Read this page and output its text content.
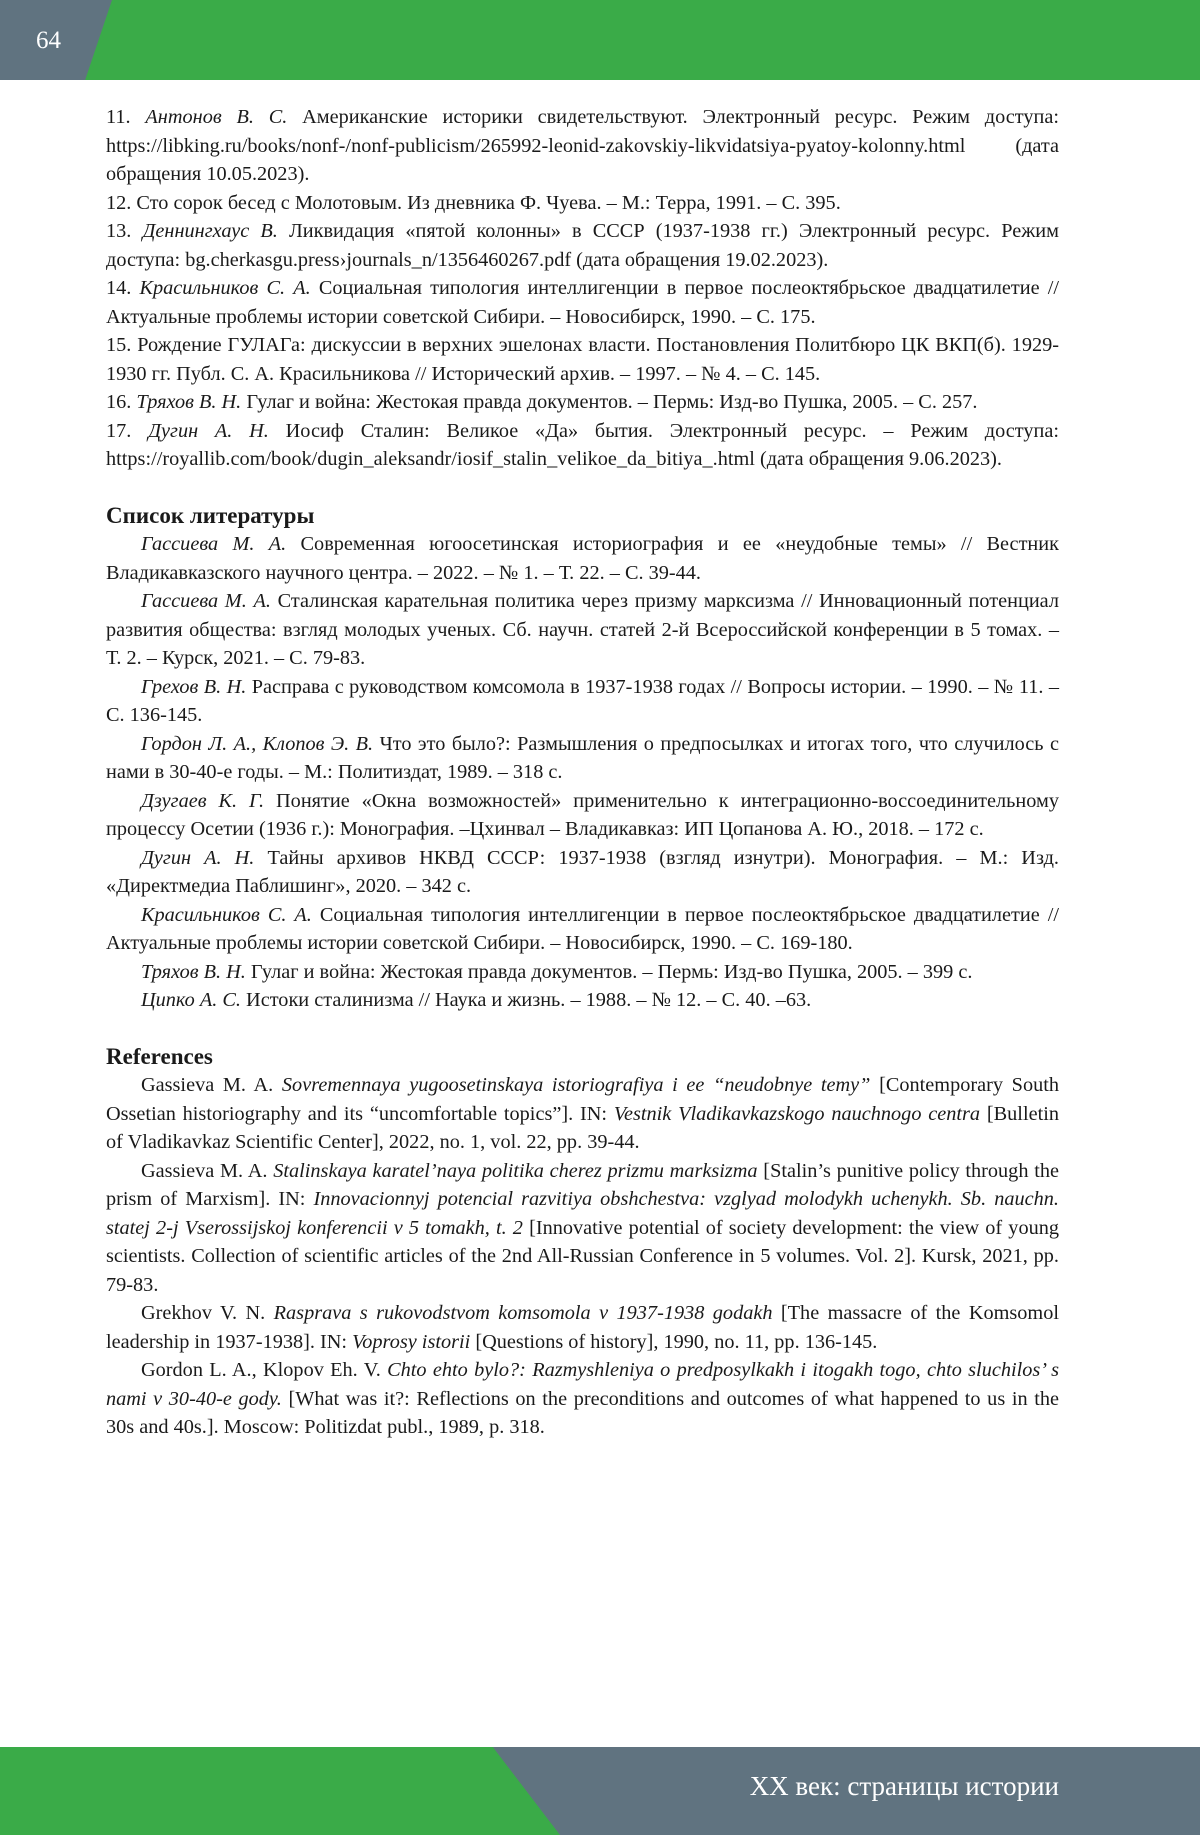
64

11. Антонов В. С. Американские историки свидетельствуют. Электронный ресурс. Режим доступа: https://libking.ru/books/nonf-/nonf-publicism/265992-leonid-zakovskiy-likvidatsiya-pyatoy-kolonny.html (дата обращения 10.05.2023).

12. Сто сорок бесед с Молотовым. Из дневника Ф. Чуева. – М.: Терра, 1991. – С. 395.

13. Деннингхаус В. Ликвидация «пятой колонны» в СССР (1937-1938 гг.) Электронный ресурс. Режим доступа: bg.cherkasgu.press›journals_n/1356460267.pdf (дата обращения 19.02.2023).

14. Красильников С. А. Социальная типология интеллигенции в первое послеоктябрьское двадцатилетие // Актуальные проблемы истории советской Сибири. – Новосибирск, 1990. – С. 175.

15. Рождение ГУЛАГа: дискуссии в верхних эшелонах власти. Постановления Политбюро ЦК ВКП(б). 1929-1930 гг. Публ. С. А. Красильникова // Исторический архив. – 1997. – № 4. – С. 145.

16. Тряхов В. Н. Гулаг и война: Жестокая правда документов. – Пермь: Изд-во Пушка, 2005. – С. 257.

17. Дугин А. Н. Иосиф Сталин: Великое «Да» бытия. Электронный ресурс. – Режим доступа: https://royallib.com/book/dugin_aleksandr/iosif_stalin_velikoe_da_bitiya_.html (дата обращения 9.06.2023).

Список литературы

Гассиева М. А. Современная югоосетинская историография и ее «неудобные темы» // Вестник Владикавказского научного центра. – 2022. – № 1. – Т. 22. – С. 39-44.

Гассиева М. А. Сталинская карательная политика через призму марксизма // Инновационный потенциал развития общества: взгляд молодых ученых. Сб. научн. статей 2-й Всероссийской конференции в 5 томах. – Т. 2. – Курск, 2021. – С. 79-83.

Грехов В. Н. Расправа с руководством комсомола в 1937-1938 годах // Вопросы истории. – 1990. – № 11. – С. 136-145.

Гордон Л. А., Клопов Э. В. Что это было?: Размышления о предпосылках и итогах того, что случилось с нами в 30-40-е годы. – М.: Политиздат, 1989. – 318 с.

Дзугаев К. Г. Понятие «Окна возможностей» применительно к интеграционно-воссоединительному процессу Осетии (1936 г.): Монография. –Цхинвал – Владикавказ: ИП Цопанова А. Ю., 2018. – 172 с.

Дугин А. Н. Тайны архивов НКВД СССР: 1937-1938 (взгляд изнутри). Монография. – М.: Изд. «Директмедиа Паблишинг», 2020. – 342 с.

Красильников С. А. Социальная типология интеллигенции в первое послеоктябрьское двадцатилетие // Актуальные проблемы истории советской Сибири. – Новосибирск, 1990. – С. 169-180.

Тряхов В. Н. Гулаг и война: Жестокая правда документов. – Пермь: Изд-во Пушка, 2005. – 399 с.

Ципко А. С. Истоки сталинизма // Наука и жизнь. – 1988. – № 12. – С. 40. –63.

References

Gassieva M. A. Sovremennaya yugoosetinskaya istoriografiya i ee “neudobnye temy” [Contemporary South Ossetian historiography and its “uncomfortable topics”]. IN: Vestnik Vladikavkazskogo nauchnogo centra [Bulletin of Vladikavkaz Scientific Center], 2022, no. 1, vol. 22, pp. 39-44.

Gassieva M. A. Stalinskaya karatel’naya politika cherez prizmu marksizma [Stalin’s punitive policy through the prism of Marxism]. IN: Innovacionnyj potencial razvitiya obshchestva: vzglyad molodykh uchenykh. Sb. nauchn. statej 2-j Vserossijskoj konferencii v 5 tomakh, t. 2 [Innovative potential of society development: the view of young scientists. Collection of scientific articles of the 2nd All-Russian Conference in 5 volumes. Vol. 2]. Kursk, 2021, pp. 79-83.

Grekhov V. N. Rasprava s rukovodstvom komsomola v 1937-1938 godakh [The massacre of the Komsomol leadership in 1937-1938]. IN: Voprosy istorii [Questions of history], 1990, no. 11, pp. 136-145.

Gordon L. A., Klopov Eh. V. Chto ehto bylo?: Razmyshleniya o predposylkakh i itogakh togo, chto sluchilos’ s nami v 30-40-e gody. [What was it?: Reflections on the preconditions and outcomes of what happened to us in the 30s and 40s.]. Moscow: Politizdat publ., 1989, p. 318.

XX век: страницы истории
